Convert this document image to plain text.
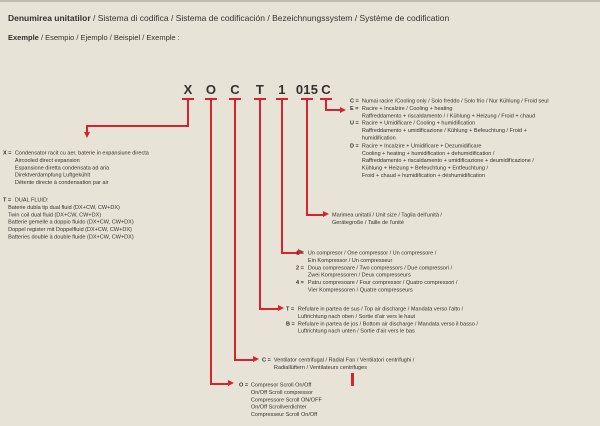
Denumirea unitatilor / Sistema di codifica / Sistema de codificación / Bezeichnungssystem / Système de codification
Exemple / Esempio / Ejemplo / Beispiel / Exemple :
X	O	C	T	1 015 C
X = Condensator racit cu aer, baterie in expansiune directa
Aircooled direct expansion
Espansione diretta condensata ad aria
Direktverdampfung Luftgekühlt
Détente directe à condensation par air
T = DUAL FLUID:
Baterie dubla tip dual fluid (DX+CW, CW+DX)
Twin coil dual fluid (DX+CW, CW+DX)
Batterie gemelle a doppio fluido (DX+CW, CW+DX)
Doppel register mit Doppelfluid (DX+CW, CW+DX)
Batteries double à double fluide (DX+CW, CW+DX)
C = Numai racire /Cooling only / Solo freddo / Solo frio / Nur Kühlung / Froid seul
E = Racire + Incalzire / Cooling + heating
Raffreddamento + riscaldamento / / Kühlung + Heizung / Froid + chaud
U = Racire + Umidificare / Cooling + humidification
Raffreddamento + umidificazione / Kühlung + Befeuchtung / Froid +
humidification
D = Racire + Incalzire + Umidificare + Dezumidificare
Cooling + heating + humidification + dehumidification /
Raffreddamento + riscaldamento + umidificazione + deumidificazione /
Kühlung + Heizung + Befeuchtung + Entfeuchtung /
Froid + chaud + humidification + déshumidification
Marimea unitatii / Unit size / Taglia dell'unità /
Gerätegroße / Taille de l'unité
1 = Un compresor / One compressor / Un compressore /
Ein Kompressor / Un compresseur
2 = Doua compresoare / Two compressors / Due compressori /
Zwei Kompressoren / Deux compresseurs
4 = Patru compresoare / Four compressor / Quatro compressori /
Vier Kompressoren / Quatre compresseurs
T = Refulare in partea de sus / Top air discharge / Mandata verso l'alto /
Luftrichtung nach oben / Sortie d'air vers le haut
B = Refulare in partea de jos / Bottom air discharge / Mandata verso il basso /
Luftrichtung nach unten / Sortie d'air vers le bas
C = Ventilator centrifugal / Radial Fan / Ventilatori centrifughi /
Radiallüftern / Ventilateurs centrifuges
O = Compresor Scroll On/Off
On/Off Scroll compressor
Compressore Scroll ON/OFF
On/Off Scrollverdichter
Compresseur Scroll On/Off
